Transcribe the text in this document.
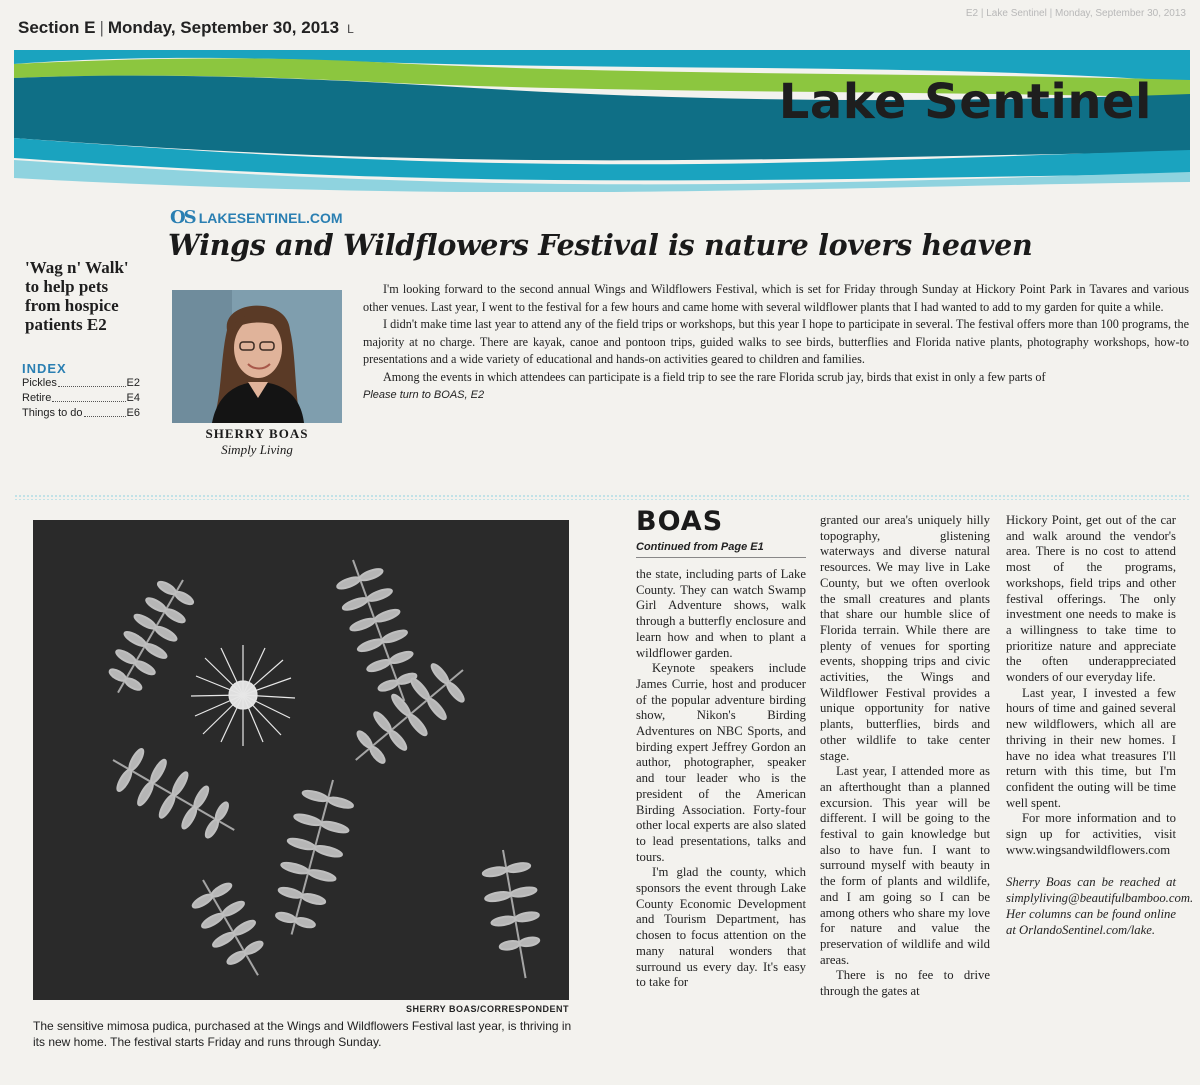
Section E | Monday, September 30, 2013 L
E2 | Lake Sentinel | Monday, September 30, 2013
Lake Sentinel
'Wag n' Walk' to help pets from hospice patients E2
INDEX
Pickles	E2
Retire	E4
Things to do	E6
OS LAKESENTINEL.COM
Wings and Wildflowers Festival is nature lovers heaven
SHERRY BOAS
Simply Living

I'm looking forward to the second annual Wings and Wildflowers Festival, which is set for Friday through Sunday at Hickory Point Park in Tavares and various other venues. Last year, I went to the festival for a few hours and came home with several wildflower plants that I had wanted to add to my garden for quite a while.

I didn't make time last year to attend any of the field trips or workshops, but this year I hope to participate in several. The festival offers more than 100 programs, the majority at no charge. There are kayak, canoe and pontoon trips, guided walks to see birds, butterflies and Florida native plants, photography workshops, how-to presentations and a wide variety of educational and hands-on activities geared to children and families.

Among the events in which attendees can participate is a field trip to see the rare Florida scrub jay, birds that exist in only a few parts of

Please turn to BOAS, E2
SHERRY BOAS/CORRESPONDENT
The sensitive mimosa pudica, purchased at the Wings and Wildflowers Festival last year, is thriving in its new home. The festival starts Friday and runs through Sunday.
BOAS
Continued from Page E1

the state, including parts of Lake County. They can watch Swamp Girl Adventure shows, walk through a butterfly enclosure and learn how and when to plant a wildflower garden.

Keynote speakers include James Currie, host and producer of the popular adventure birding show, Nikon's Birding Adventures on NBC Sports, and birding expert Jeffrey Gordon an author, photographer, speaker and tour leader who is the president of the American Birding Association. Forty-four other local experts are also slated to lead presentations, talks and tours.

I'm glad the county, which sponsors the event through Lake County Economic Development and Tourism Department, has chosen to focus attention on the many natural wonders that surround us every day. It's easy to take for

granted our area's uniquely hilly topography, glistening waterways and diverse natural resources. We may live in Lake County, but we often overlook the small creatures and plants that share our humble slice of Florida terrain. While there are plenty of venues for sporting events, shopping trips and civic activities, the Wings and Wildflower Festival provides a unique opportunity for native plants, butterflies, birds and other wildlife to take center stage.

Last year, I attended more as an afterthought than a planned excursion. This year will be different. I will be going to the festival to gain knowledge but also to have fun. I want to surround myself with beauty in the form of plants and wildlife, and I am going so I can be among others who share my love for nature and value the preservation of wildlife and wild areas.

There is no fee to drive through the gates at

Hickory Point, get out of the car and walk around the vendor's area. There is no cost to attend most of the programs, workshops, field trips and other festival offerings. The only investment one needs to make is a willingness to take time to prioritize nature and appreciate the often underappreciated wonders of our everyday life.

Last year, I invested a few hours of time and gained several new wildflowers, which all are thriving in their new homes. I have no idea what treasures I'll return with this time, but I'm confident the outing will be time well spent.

For more information and to sign up for activities, visit www.wingsandwildflowers.com

Sherry Boas can be reached at simplyliving@beautifulbamboo.com. Her columns can be found online at OrlandoSentinel.com/lake.
